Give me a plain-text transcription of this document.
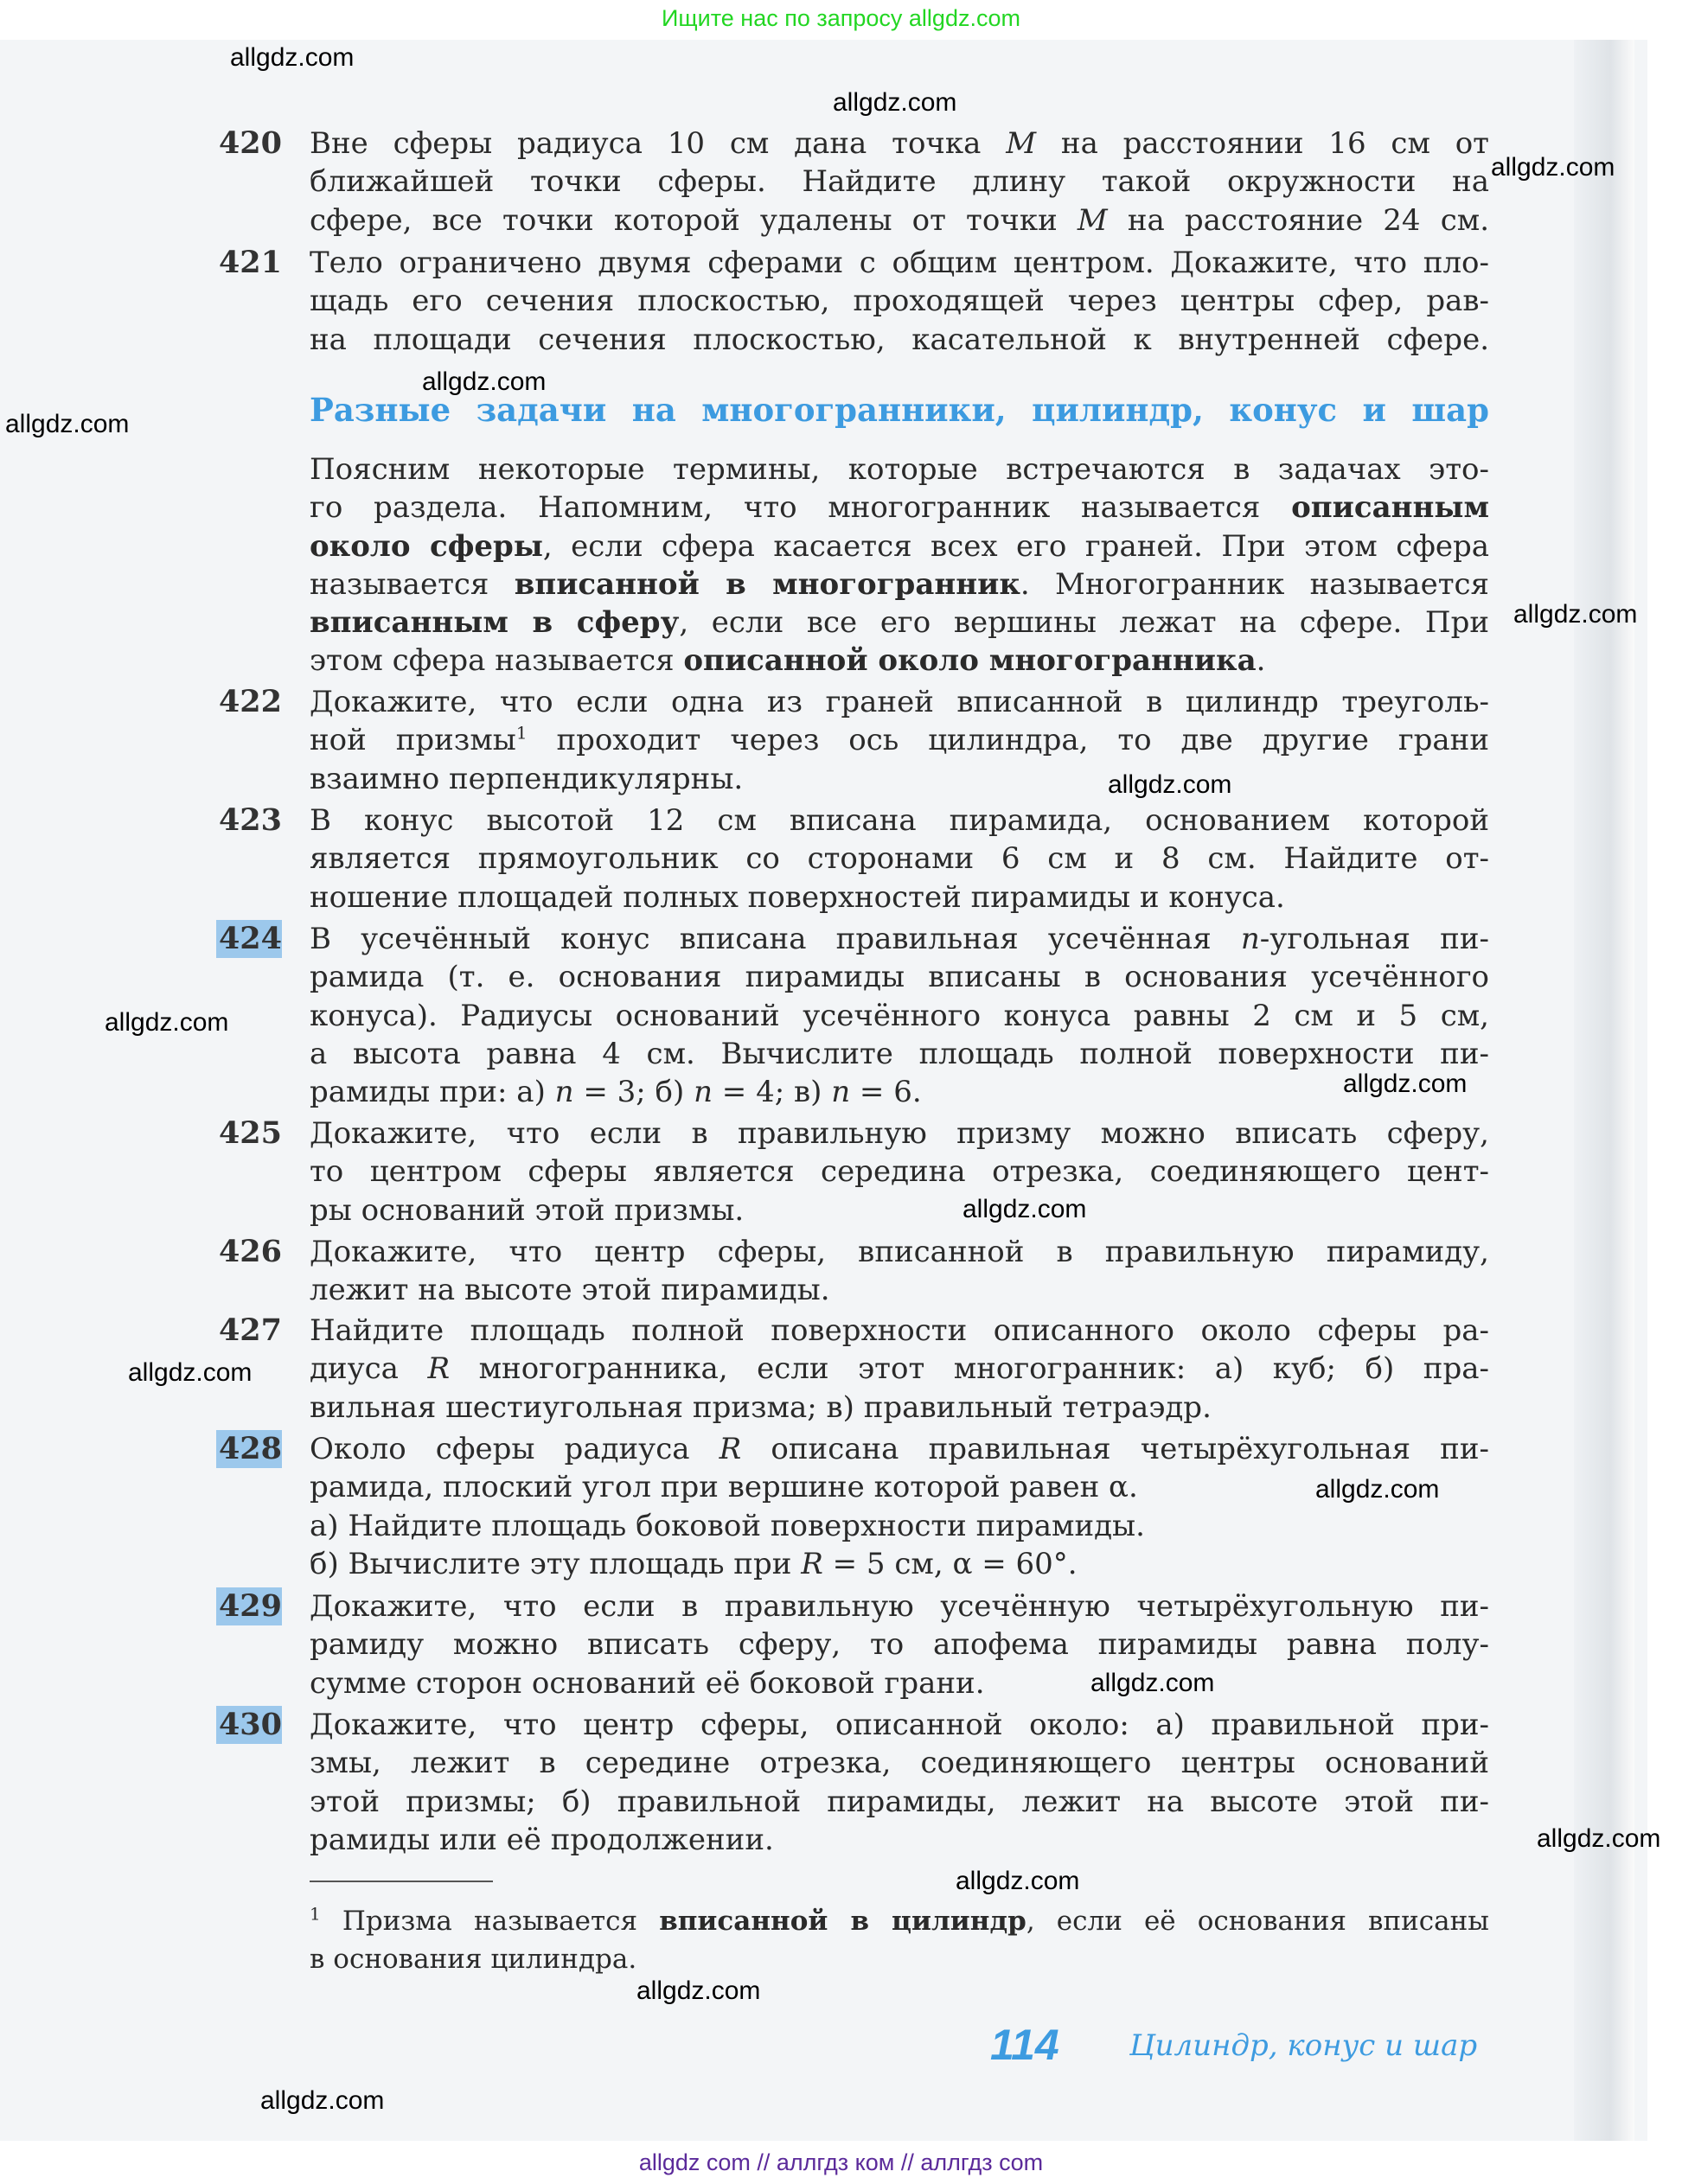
Ищите нас по запросу allgdz.com
Разные задачи на многогранники, цилиндр, конус и шар
420 Вне сферы радиуса 10 см дана точка M на расстоянии 16 см от
ближайшей точки сферы. Найдите длину такой окружности на
сфере, все точки которой удалены от точки M на расстояние 24 см.
421 Тело ограничено двумя сферами с общим центром. Докажите, что пло-
щадь его сечения плоскостью, проходящей через центры сфер, рав-
на площади сечения плоскостью, касательной к внутренней сфере.
Поясним некоторые термины, которые встречаются в задачах это-
го раздела. Напомним, что многогранник называется описанным
около сферы, если сфера касается всех его граней. При этом сфера
называется вписанной в многогранник. Многогранник называется
вписанным в сферу, если все его вершины лежат на сфере. При
этом сфера называется описанной около многогранника.
422 Докажите, что если одна из граней вписанной в цилиндр треуголь-
ной призмы$^1$ проходит через ось цилиндра, то две другие грани
взаимно перпендикулярны.
423 В конус высотой 12 см вписана пирамида, основанием которой
является прямоугольник со сторонами 6 см и 8 см. Найдите от-
ношение площадей полных поверхностей пирамиды и конуса.
424 В усечённый конус вписана правильная усечённая n-угольная пи-
рамида (т. е. основания пирамиды вписаны в основания усечённого
конуса). Радиусы оснований усечённого конуса равны 2 см и 5 см,
а высота равна 4 см. Вычислите площадь полной поверхности пи-
рамиды при: а) n = 3; б) n = 4; в) n = 6.
425 Докажите, что если в правильную призму можно вписать сферу,
то центром сферы является середина отрезка, соединяющего цент-
ры оснований этой призмы.
426 Докажите, что центр сферы, вписанной в правильную пирамиду,
лежит на высоте этой пирамиды.
427 Найдите площадь полной поверхности описанного около сферы ра-
диуса R многогранника, если этот многогранник: а) куб; б) пра-
вильная шестиугольная призма; в) правильный тетраэдр.
428 Около сферы радиуса R описана правильная четырёхугольная пи-
рамида, плоский угол при вершине которой равен α.
а) Найдите площадь боковой поверхности пирамиды.
б) Вычислите эту площадь при R = 5 см, α = 60°.
429 Докажите, что если в правильную усечённую четырёхугольную пи-
рамиду можно вписать сферу, то апофема пирамиды равна полу-
сумме сторон оснований её боковой грани.
430 Докажите, что центр сферы, описанной около: а) правильной при-
змы, лежит в середине отрезка, соединяющего центры оснований
этой призмы; б) правильной пирамиды, лежит на высоте этой пи-
рамиды или её продолжении.
$^1$ Призма называется вписанной в цилиндр, если её основания вписаны
в основания цилиндра.
114 Цилиндр, конус и шар
allgdz.com
allgdz.com
allgdz.com
allgdz.com
allgdz.com
allgdz.com
allgdz.com
allgdz.com
allgdz.com
allgdz.com
allgdz.com
allgdz.com
allgdz.com
allgdz.com
allgdz.com
allgdz.com
allgdz.com
allgdz com // аллгдз ком // аллгдз com
